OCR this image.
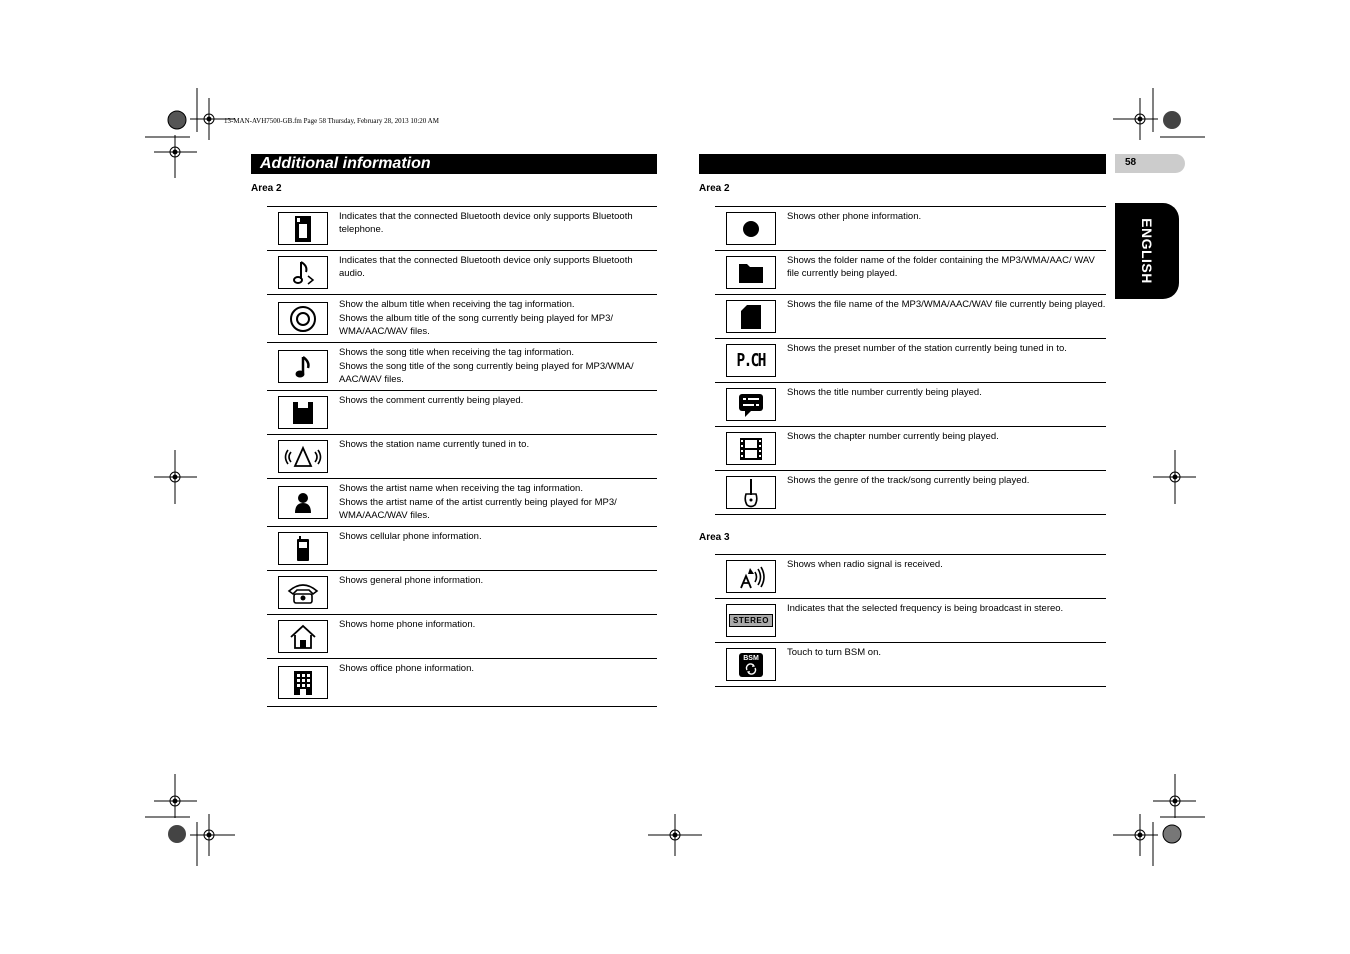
13-MAN-AVH7500-GB.fm Page 58 Thursday, February 28, 2013 10:20 AM
Additional information	58
ENGLISH
Area 2

Indicates that the connected Bluetooth device only supports Bluetooth telephone.

Indicates that the connected Bluetooth device only supports Bluetooth audio.

Show the album title when receiving the tag information.

Shows the album title of the song currently being played for MP3/ WMA/AAC/WAV files.

Shows the song title when receiving the tag information.

Shows the song title of the song currently being played for MP3/WMA/ AAC/WAV files.

Shows the comment currently being played.

Shows the station name currently tuned in to.

Shows the artist name when receiving the tag information.

Shows the artist name of the artist currently being played for MP3/ WMA/AAC/WAV files.

Shows cellular phone information.

Shows general phone information.

Shows home phone information.

Shows office phone information.

Area 2

Shows other phone information.

Shows the folder name of the folder containing the MP3/WMA/AAC/ WAV file currently being played.

Shows the file name of the MP3/WMA/AAC/WAV file currently being played.

P.CH

Shows the preset number of the station currently being tuned in to.

Shows the title number currently being played.

Shows the chapter number currently being played.

Shows the genre of the track/song currently being played.

Area 3

Shows when radio signal is received.

STEREO

Indicates that the selected frequency is being broadcast in stereo.

BSM	Touch to turn BSM on.
